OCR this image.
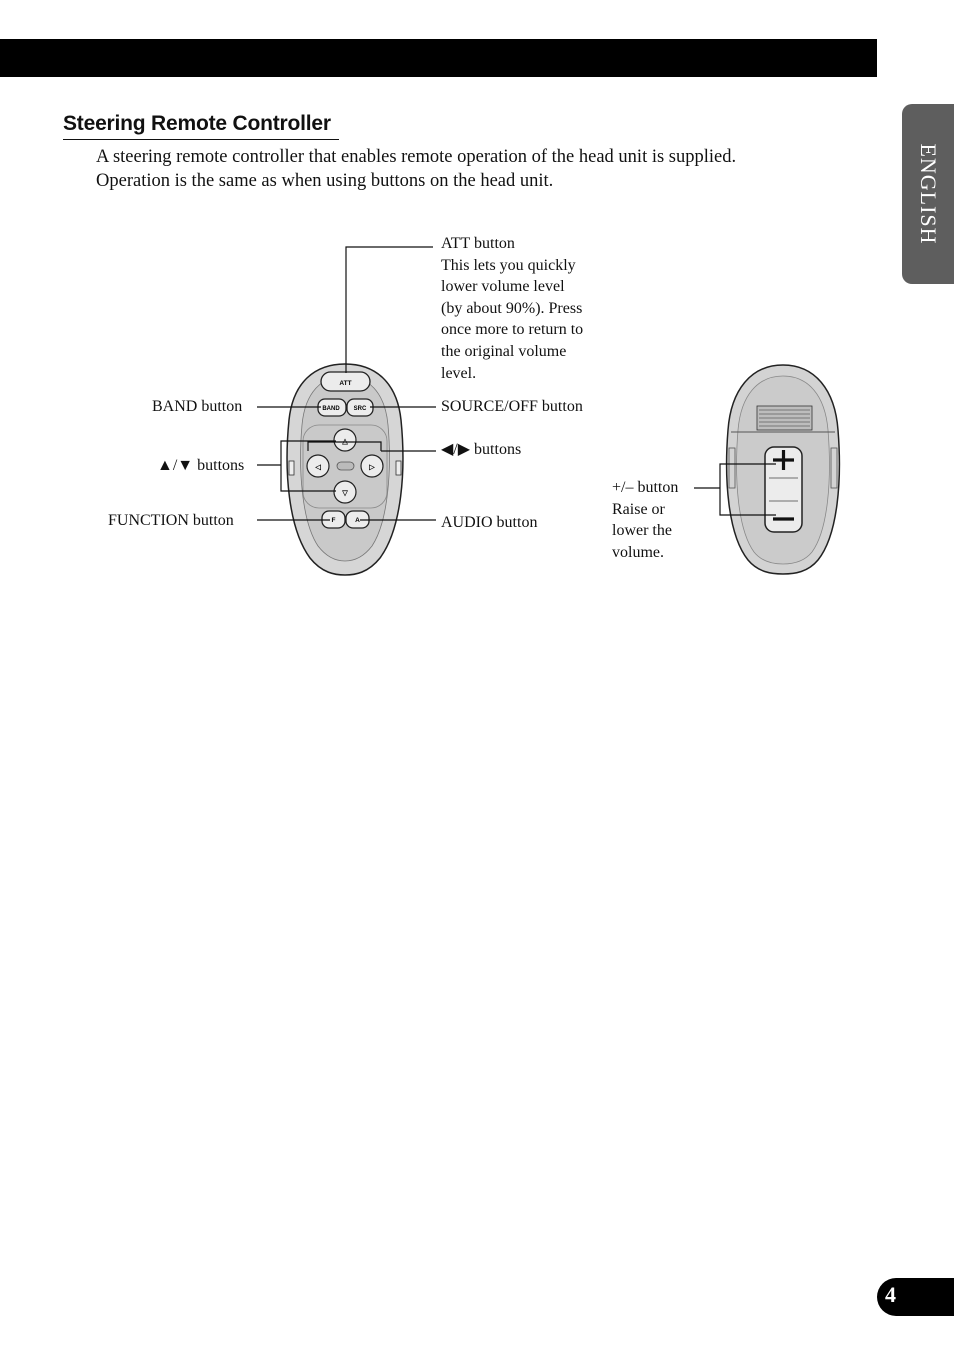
ENGLISH
Steering Remote Controller

A steering remote controller that enables remote operation of the head unit is supplied.

Operation is the same as when using buttons on the head unit.

ATT
BAND SRC
▵
▿
◃	▹
F	A
ATT button
This lets you quickly
lower volume level
(by about 90%). Press
once more to return to
the original volume
level.
BAND button	SOURCE/OFF button
▲/▼ buttons
◀/▶ buttons
FUNCTION button	AUDIO button
+/– button
Raise or
lower the
volume.
4
